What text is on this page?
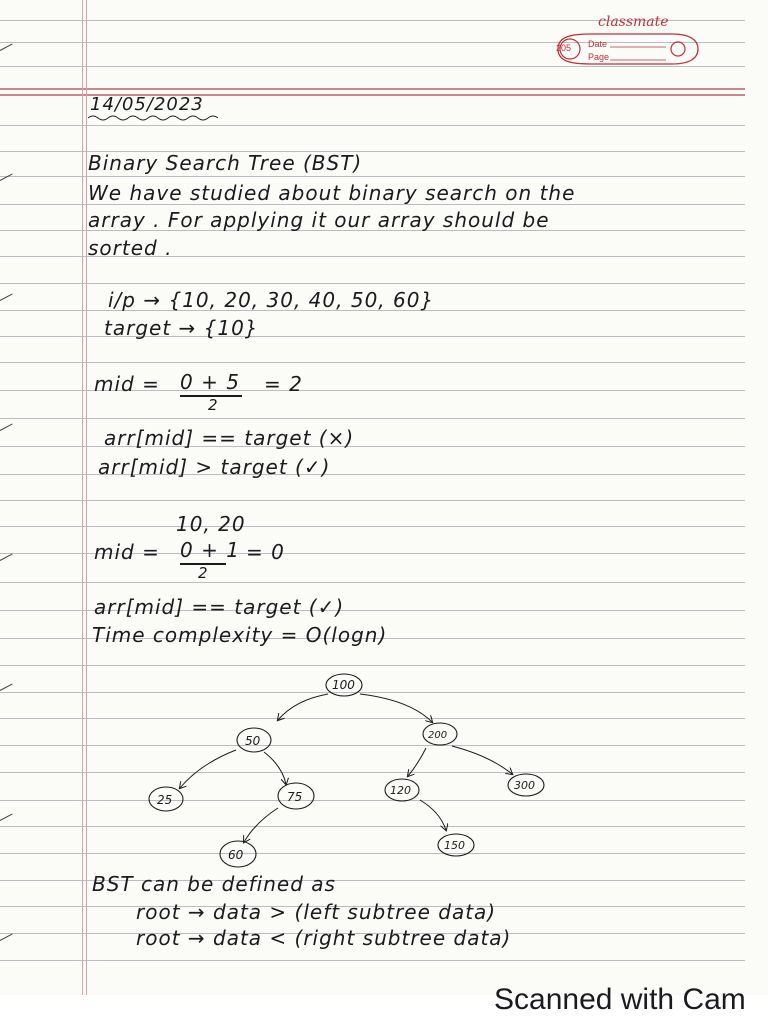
classmate
205 Date
Page
14/05/2023
Binary Search Tree (BST)
We have studied about binary search on the
array . For applying it our array should be
sorted .
i/p → {10, 20, 30, 40, 50, 60}
target → {10}
mid = 0 + 5
2
= 2
arr[mid] == target (×)
arr[mid] > target (✓)
10, 20
mid = 0 + 1
2
= 0
arr[mid] == target (✓)
Time complexity = O(logn)
100
50	200
25	75	120	300
60
150
BST can be defined as
root → data > (left subtree data)
root → data < (right subtree data)
Scanned with Cam
